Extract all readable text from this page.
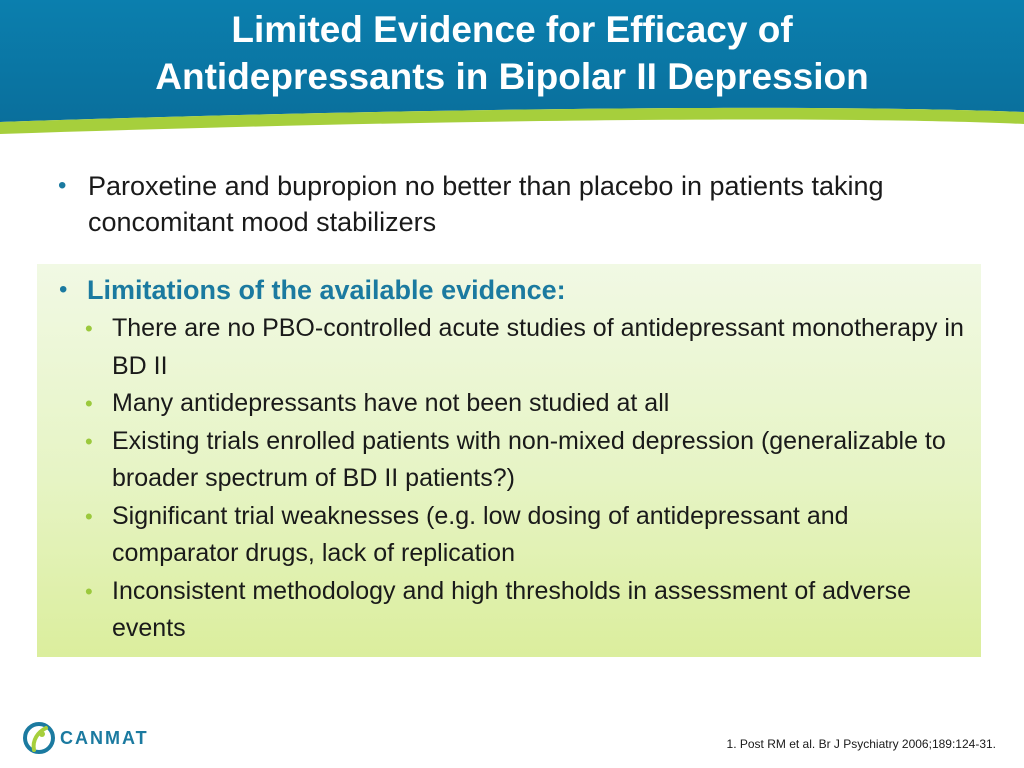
Limited Evidence for Efficacy of
Antidepressants in Bipolar II Depression
• Paroxetine and bupropion no better than placebo in patients taking concomitant mood stabilizers
• Limitations of the available evidence:
• There are no PBO-controlled acute studies of antidepressant monotherapy in BD II
• Many antidepressants have not been studied at all
• Existing trials enrolled patients with non-mixed depression (generalizable to broader spectrum of BD II patients?)
• Significant trial weaknesses (e.g. low dosing of antidepressant and comparator drugs, lack of replication
• Inconsistent methodology and high thresholds in assessment of adverse events
CANMAT	1. Post RM et al. Br J Psychiatry 2006;189:124-31.
